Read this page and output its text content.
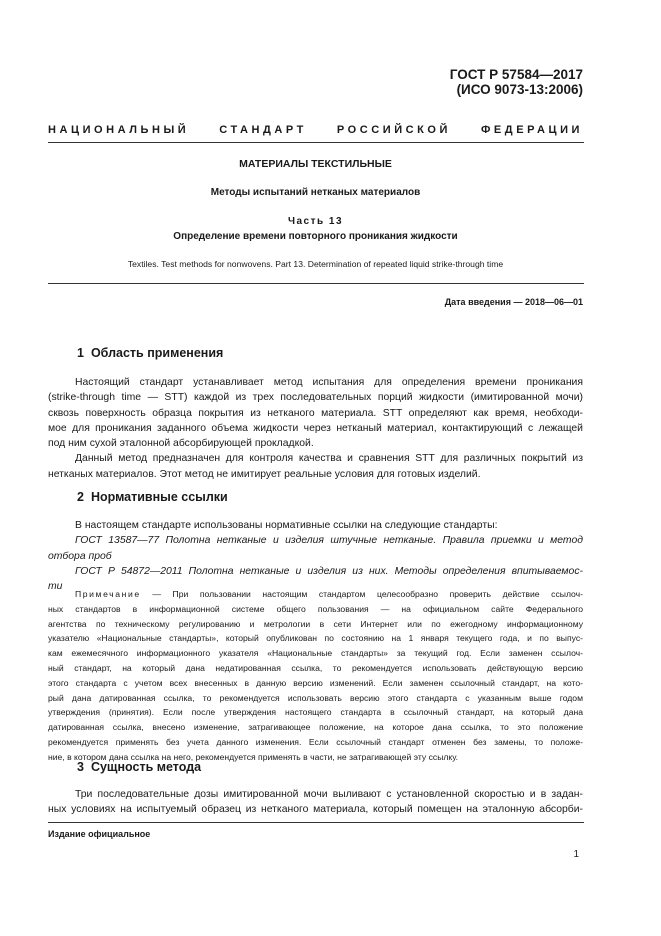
ГОСТ Р 57584—2017
(ИСО 9073-13:2006)
НАЦИОНАЛЬНЫЙ	СТАНДАРТ	РОССИЙСКОЙ	ФЕДЕРАЦИИ
МАТЕРИАЛЫ ТЕКСТИЛЬНЫЕ
Методы испытаний нетканых материалов
Часть 13
Определение времени повторного проникания жидкости
Textiles. Test methods for nonwovens. Part 13. Determination of repeated liquid strike-through time
Дата введения — 2018—06—01
1 Область применения
Настоящий стандарт устанавливает метод испытания для определения времени проникания
(strike-through time — STT) каждой из трех последовательных порций жидкости (имитированной мочи)
сквозь поверхность образца покрытия из нетканого материала. STT определяют как время, необходи-
мое для проникания заданного объема жидкости через нетканый материал, контактирующий с лежащей
под ним сухой эталонной абсорбирующей прокладкой.
Данный метод предназначен для контроля качества и сравнения STT для различных покрытий из
нетканых материалов. Этот метод не имитирует реальные условия для готовых изделий.
2 Нормативные ссылки
В настоящем стандарте использованы нормативные ссылки на следующие стандарты:
ГОСТ 13587—77 Полотна нетканые и изделия штучные нетканые. Правила приемки и метод
отбора проб
ГОСТ Р 54872—2011 Полотна нетканые и изделия из них. Методы определения впитываемос-
ти
Примечание — При пользовании настоящим стандартом целесообразно проверить действие ссылоч-
ных стандартов в информационной системе общего пользования — на официальном сайте Федерального
агентства по техническому регулированию и метрологии в сети Интернет или по ежегодному информационному
указателю «Национальные стандарты», который опубликован по состоянию на 1 января текущего года, и по выпус-
кам ежемесячного информационного указателя «Национальные стандарты» за текущий год. Если заменен ссылоч-
ный стандарт, на который дана недатированная ссылка, то рекомендуется использовать действующую версию
этого стандарта с учетом всех внесенных в данную версию изменений. Если заменен ссылочный стандарт, на кото-
рый дана датированная ссылка, то рекомендуется использовать версию этого стандарта с указанным выше годом
утверждения (принятия). Если после утверждения настоящего стандарта в ссылочный стандарт, на который дана
датированная ссылка, внесено изменение, затрагивающее положение, на которое дана ссылка, то это положение
рекомендуется применять без учета данного изменения. Если ссылочный стандарт отменен без замены, то положе-
ние, в котором дана ссылка на него, рекомендуется применять в части, не затрагивающей эту ссылку.
3 Сущность метода
Три последовательные дозы имитированной мочи выливают с установленной скоростью и в задан-
ных условиях на испытуемый образец из нетканого материала, который помещен на эталонную абсорби-
Издание официальное
1
